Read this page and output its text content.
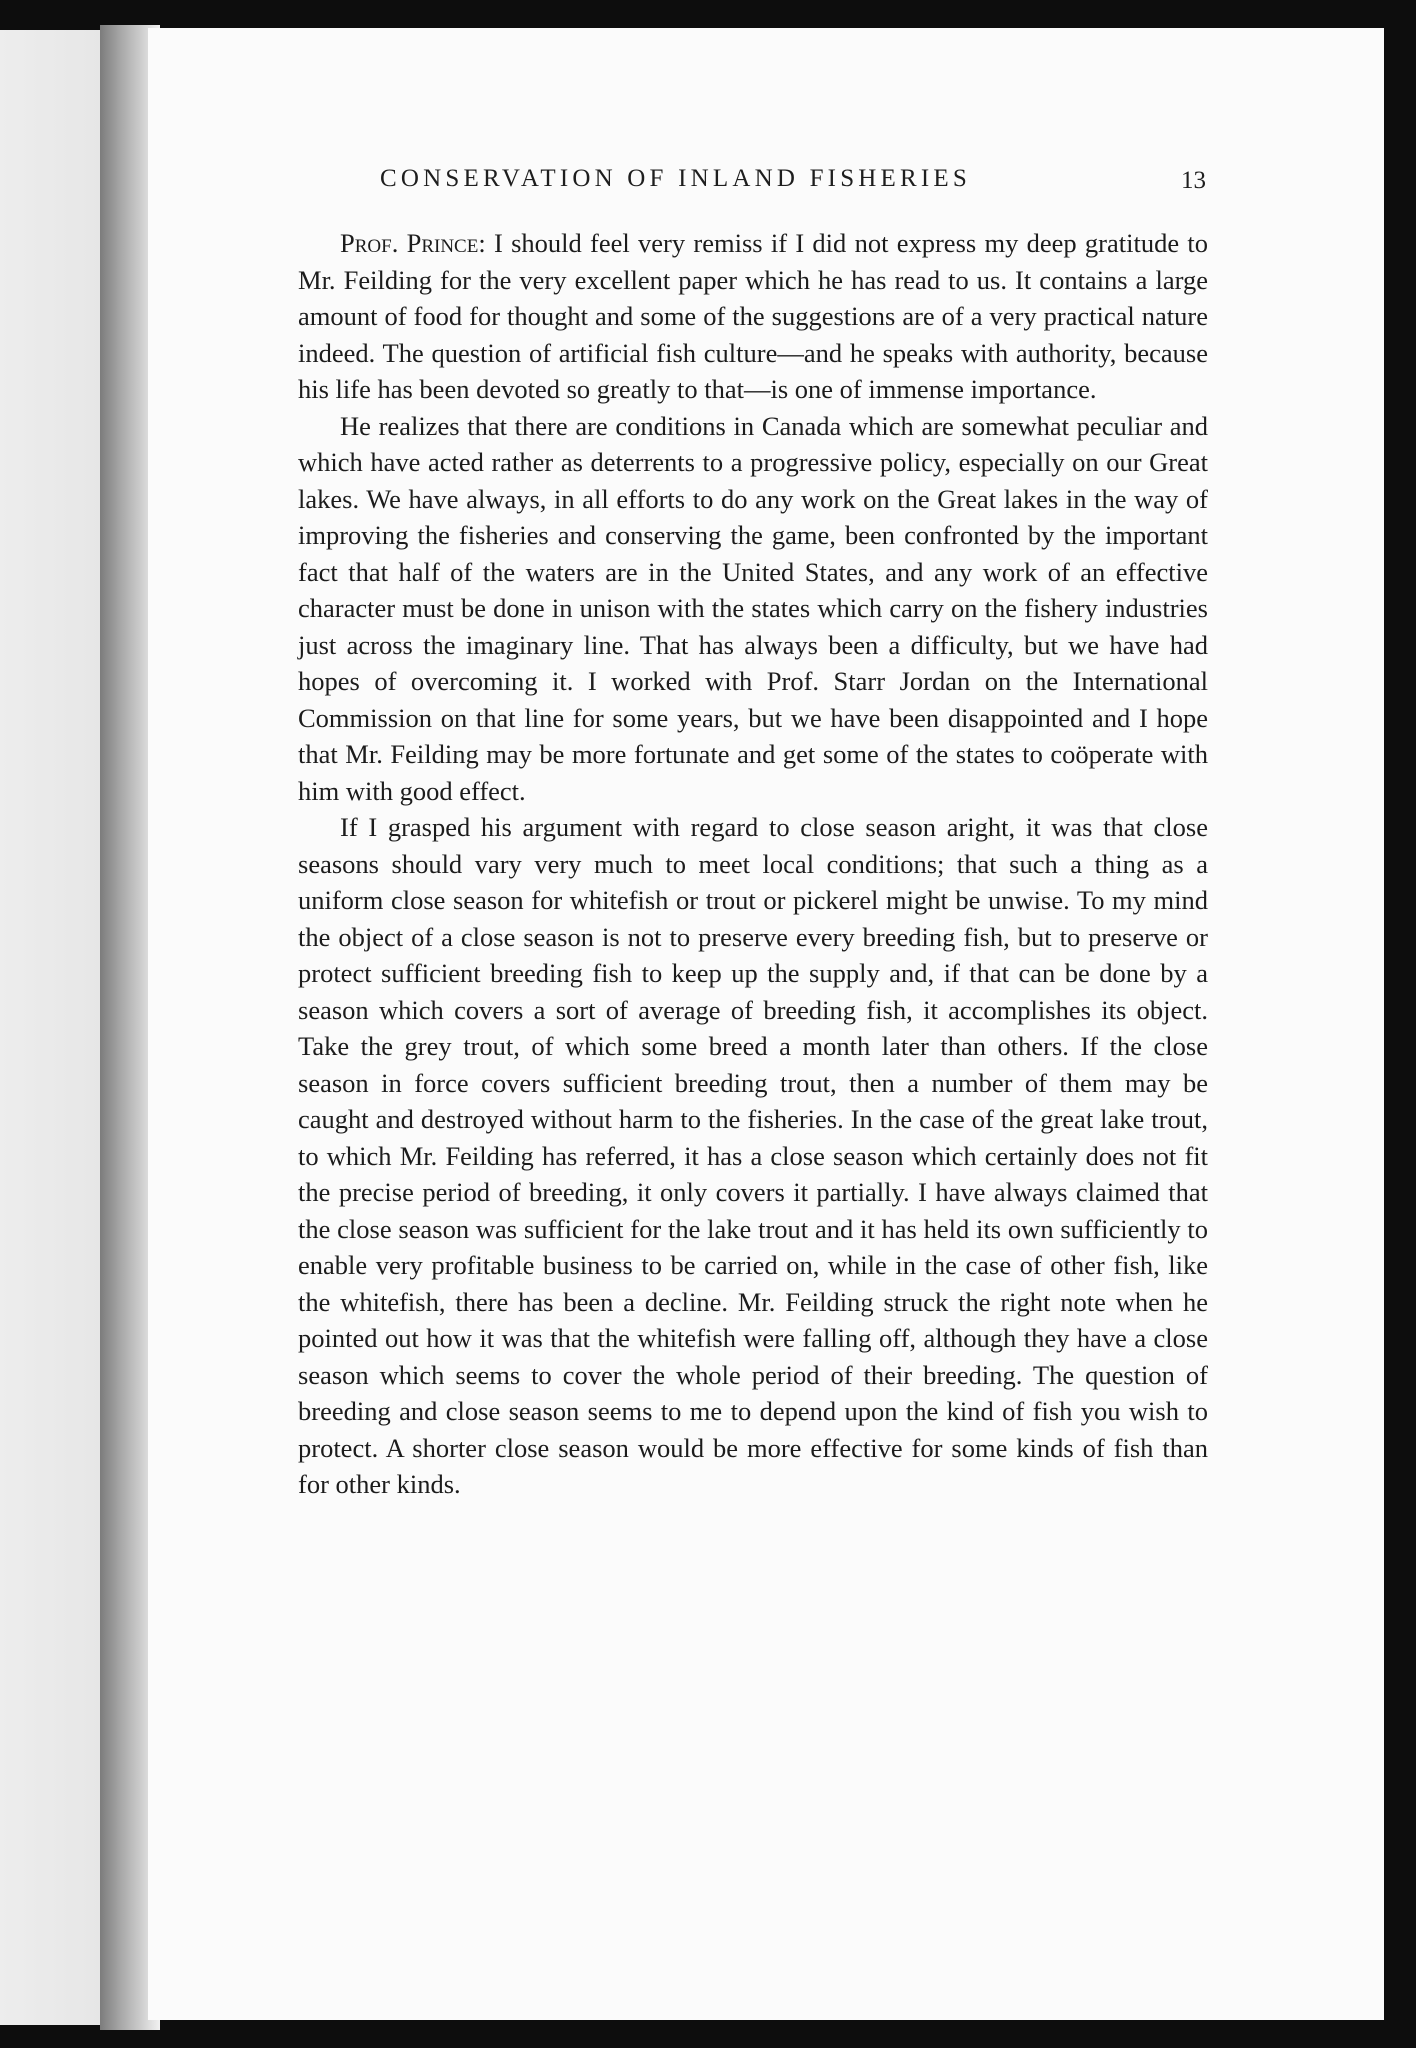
CONSERVATION OF INLAND FISHERIES	13

Prof. Prince: I should feel very remiss if I did not express my deep gratitude to Mr. Feilding for the very excellent paper which he has read to us. It contains a large amount of food for thought and some of the suggestions are of a very practical nature indeed. The question of artificial fish culture—and he speaks with authority, because his life has been devoted so greatly to that—is one of immense importance.

He realizes that there are conditions in Canada which are somewhat peculiar and which have acted rather as deterrents to a progressive policy, especially on our Great lakes. We have always, in all efforts to do any work on the Great lakes in the way of improving the fisheries and conserving the game, been confronted by the important fact that half of the waters are in the United States, and any work of an effective character must be done in unison with the states which carry on the fishery industries just across the imaginary line. That has always been a difficulty, but we have had hopes of overcoming it. I worked with Prof. Starr Jordan on the International Commission on that line for some years, but we have been disappointed and I hope that Mr. Feilding may be more fortunate and get some of the states to coöperate with him with good effect.

If I grasped his argument with regard to close season aright, it was that close seasons should vary very much to meet local conditions; that such a thing as a uniform close season for whitefish or trout or pickerel might be unwise. To my mind the object of a close season is not to preserve every breeding fish, but to preserve or protect sufficient breeding fish to keep up the supply and, if that can be done by a season which covers a sort of average of breeding fish, it accomplishes its object. Take the grey trout, of which some breed a month later than others. If the close season in force covers sufficient breeding trout, then a number of them may be caught and destroyed without harm to the fisheries. In the case of the great lake trout, to which Mr. Feilding has referred, it has a close season which certainly does not fit the precise period of breeding, it only covers it partially. I have always claimed that the close season was sufficient for the lake trout and it has held its own sufficiently to enable very profitable business to be carried on, while in the case of other fish, like the whitefish, there has been a decline. Mr. Feilding struck the right note when he pointed out how it was that the whitefish were falling off, although they have a close season which seems to cover the whole period of their breeding. The question of breeding and close season seems to me to depend upon the kind of fish you wish to protect. A shorter close season would be more effective for some kinds of fish than for other kinds.
